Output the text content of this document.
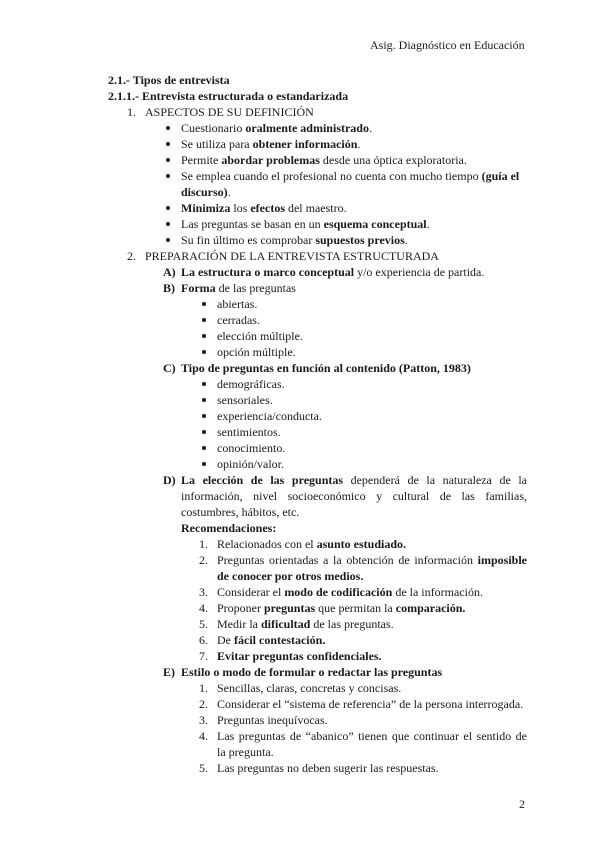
Asig. Diagnóstico en Educación
2.1.- Tipos de entrevista
2.1.1.- Entrevista estructurada o estandarizada
1. ASPECTOS DE SU DEFINICIÓN
Cuestionario oralmente administrado.
Se utiliza para obtener información.
Permite abordar problemas desde una óptica exploratoria.
Se emplea cuando el profesional no cuenta con mucho tiempo (guía el
discurso).
Minimiza los efectos del maestro.
Las preguntas se basan en un esquema conceptual.
Su fin último es comprobar supuestos previos.
2. PREPARACIÓN DE LA ENTREVISTA ESTRUCTURADA
A) La estructura o marco conceptual y/o experiencia de partida.
B) Forma de las preguntas
abiertas.
cerradas.
elección múltiple.
opción múltiple.
C) Tipo de preguntas en función al contenido (Patton, 1983)
demográficas.
sensoriales.
experiencia/conducta.
sentimientos.
conocimiento.
opinión/valor.
D) La elección de las preguntas dependerá de la naturaleza de la
información, nivel socioeconómico y cultural de las familias,
costumbres, hábitos, etc.
Recomendaciones:
1. Relacionados con el asunto estudiado.
2. Preguntas orientadas a la obtención de información imposible
de conocer por otros medios.
3. Considerar el modo de codificación de la información.
4. Proponer preguntas que permitan la comparación.
5. Medir la dificultad de las preguntas.
6. De fácil contestación.
7. Evitar preguntas confidenciales.
E) Estilo o modo de formular o redactar las preguntas
1. Sencillas, claras, concretas y concisas.
2. Considerar el “sistema de referencia” de la persona interrogada.
3. Preguntas inequívocas.
4. Las preguntas de “abanico” tienen que continuar el sentido de
la pregunta.
5. Las preguntas no deben sugerir las respuestas.
2
